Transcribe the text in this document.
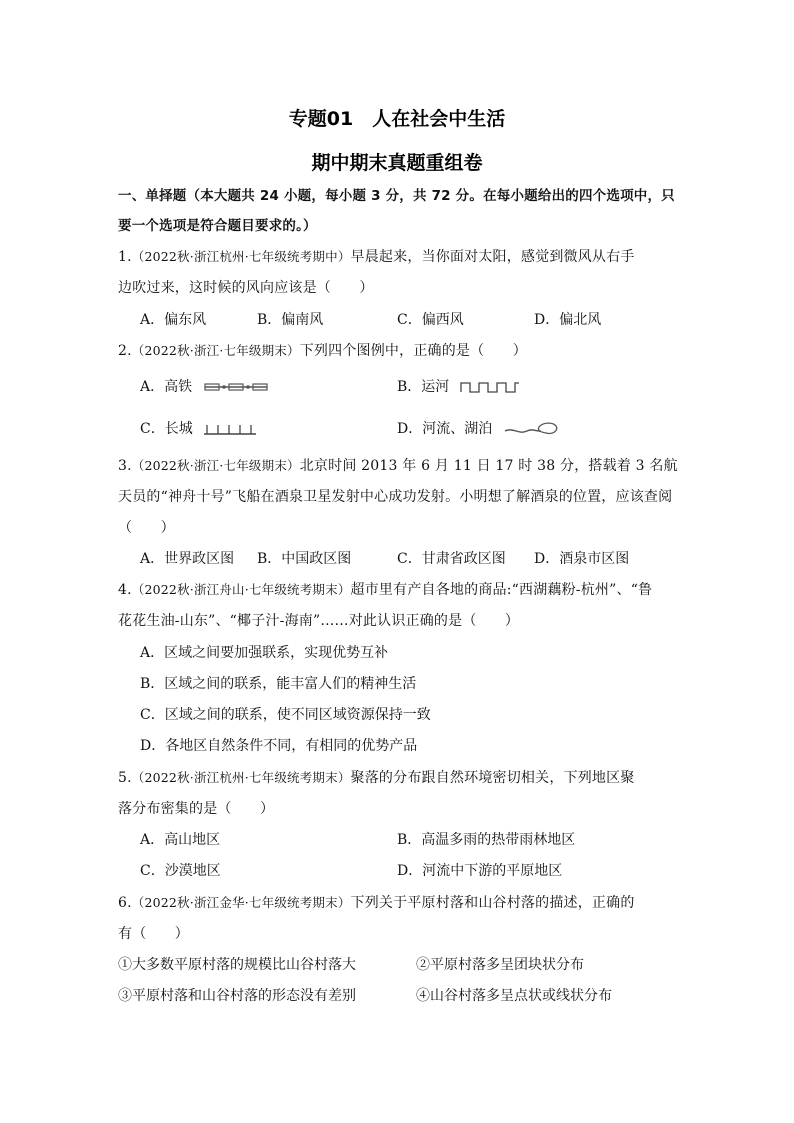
专题01　人在社会中生活
期中期末真题重组卷
一、单择题（本大题共 24 小题，每小题 3 分，共 72 分。在每小题给出的四个选项中，只
要一个选项是符合题目要求的。）
1.（2022秋·浙江杭州·七年级统考期中）早晨起来，当你面对太阳，感觉到微风从右手
边吹过来，这时候的风向应该是（　　）
A．偏东风	B．偏南风	C．偏西风	D．偏北风
2.（2022秋·浙江·七年级期末）下列四个图例中，正确的是（　　）
A．高铁	B．运河
C．长城	D．河流、湖泊
3.（2022秋·浙江·七年级期末）北京时间 2013 年 6 月 11 日 17 时 38 分，搭载着 3 名航
天员的“神舟十号”飞船在酒泉卫星发射中心成功发射。小明想了解酒泉的位置，应该查阅
（　　）
A．世界政区图 B．中国政区图	C．甘肃省政区图 D．酒泉市区图
4.（2022秋·浙江舟山·七年级统考期末）超市里有产自各地的商品:“西湖藕粉-杭州”、“鲁
花花生油-山东”、“椰子汁-海南”……对此认识正确的是（　　）
A．区域之间要加强联系，实现优势互补
B．区域之间的联系，能丰富人们的精神生活
C．区域之间的联系，使不同区域资源保持一致
D．各地区自然条件不同，有相同的优势产品
5.（2022秋·浙江杭州·七年级统考期末）聚落的分布跟自然环境密切相关，下列地区聚
落分布密集的是（　　）
A．高山地区	B．高温多雨的热带雨林地区
C．沙漠地区	D．河流中下游的平原地区
6.（2022秋·浙江金华·七年级统考期末）下列关于平原村落和山谷村落的描述，正确的
有（　　）
①大多数平原村落的规模比山谷村落大	②平原村落多呈团块状分布
③平原村落和山谷村落的形态没有差别	④山谷村落多呈点状或线状分布
